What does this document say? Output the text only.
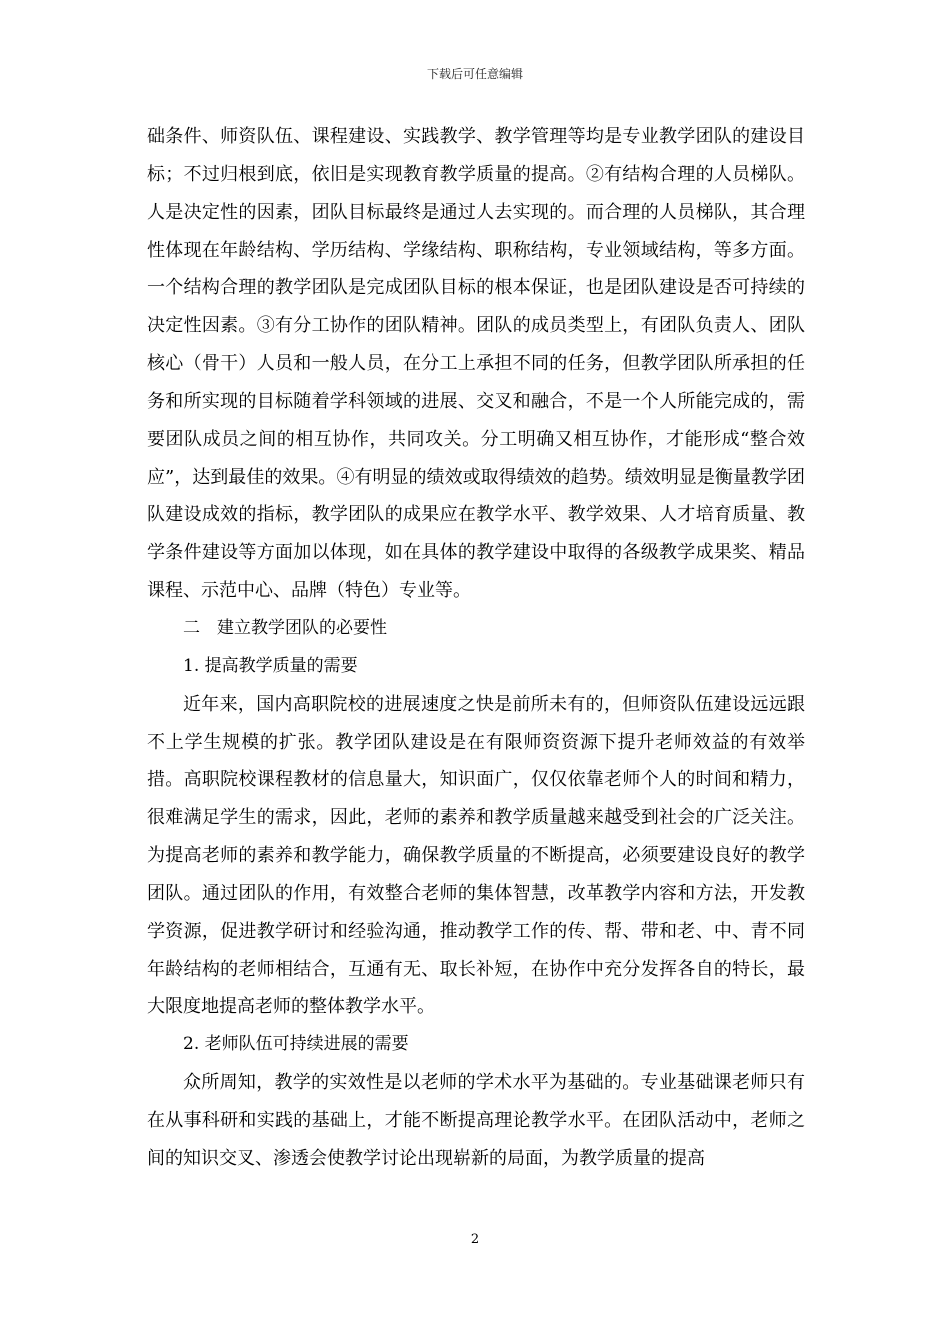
下载后可任意编辑

础条件、师资队伍、课程建设、实践教学、教学管理等均是专业教学团队的建设目标；不过归根到底，依旧是实现教育教学质量的提高。②有结构合理的人员梯队。人是决定性的因素，团队目标最终是通过人去实现的。而合理的人员梯队，其合理性体现在年龄结构、学历结构、学缘结构、职称结构，专业领域结构，等多方面。一个结构合理的教学团队是完成团队目标的根本保证，也是团队建设是否可持续的决定性因素。③有分工协作的团队精神。团队的成员类型上，有团队负责人、团队核心（骨干）人员和一般人员，在分工上承担不同的任务，但教学团队所承担的任务和所实现的目标随着学科领域的进展、交叉和融合，不是一个人所能完成的，需要团队成员之间的相互协作，共同攻关。分工明确又相互协作，才能形成“整合效应”，达到最佳的效果。④有明显的绩效或取得绩效的趋势。绩效明显是衡量教学团队建设成效的指标，教学团队的成果应在教学水平、教学效果、人才培育质量、教学条件建设等方面加以体现，如在具体的教学建设中取得的各级教学成果奖、精品课程、示范中心、品牌（特色）专业等。

二　建立教学团队的必要性

1. 提高教学质量的需要

近年来，国内高职院校的进展速度之快是前所未有的，但师资队伍建设远远跟不上学生规模的扩张。教学团队建设是在有限师资资源下提升老师效益的有效举措。高职院校课程教材的信息量大，知识面广，仅仅依靠老师个人的时间和精力，很难满足学生的需求，因此，老师的素养和教学质量越来越受到社会的广泛关注。为提高老师的素养和教学能力，确保教学质量的不断提高，必须要建设良好的教学团队。通过团队的作用，有效整合老师的集体智慧，改革教学内容和方法，开发教学资源，促进教学研讨和经验沟通，推动教学工作的传、帮、带和老、中、青不同年龄结构的老师相结合，互通有无、取长补短，在协作中充分发挥各自的特长，最大限度地提高老师的整体教学水平。

2. 老师队伍可持续进展的需要

众所周知，教学的实效性是以老师的学术水平为基础的。专业基础课老师只有在从事科研和实践的基础上，才能不断提高理论教学水平。在团队活动中，老师之间的知识交叉、渗透会使教学讨论出现崭新的局面，为教学质量的提高

2
